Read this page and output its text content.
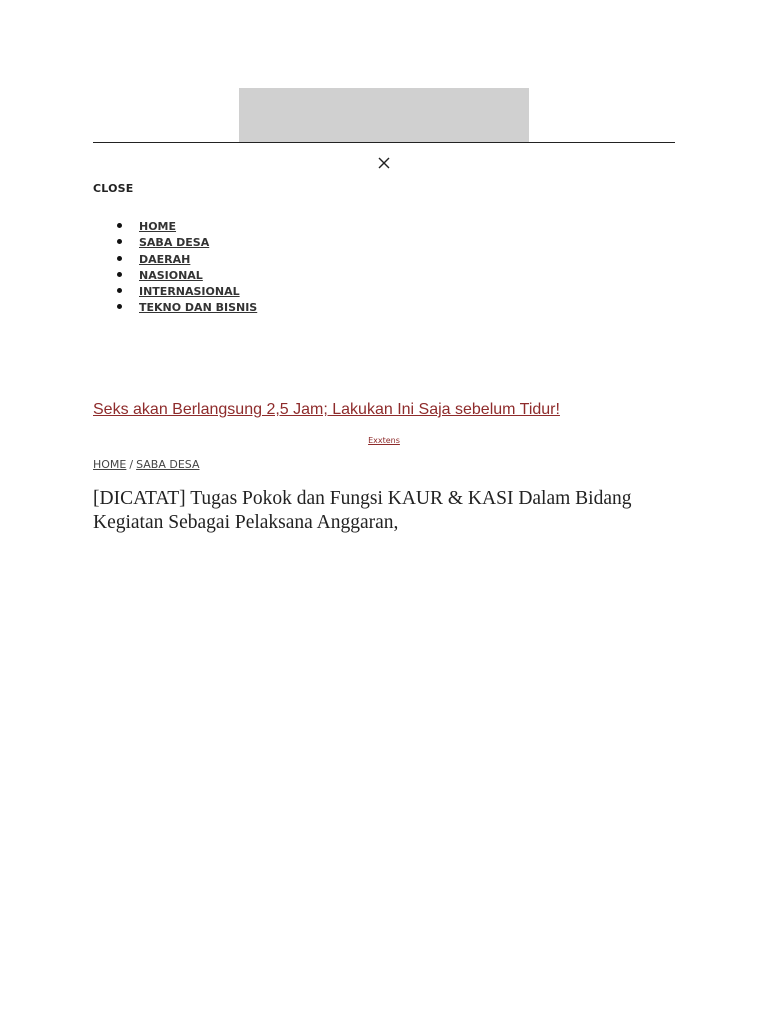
CLOSE
HOME
SABA DESA
DAERAH
NASIONAL
INTERNASIONAL
TEKNO DAN BISNIS
Seks akan Berlangsung 2,5 Jam; Lakukan Ini Saja sebelum Tidur!
Exxtens
HOME / SABA DESA
[DICATAT] Tugas Pokok dan Fungsi KAUR & KASI Dalam Bidang Kegiatan Sebagai Pelaksana Anggaran,
